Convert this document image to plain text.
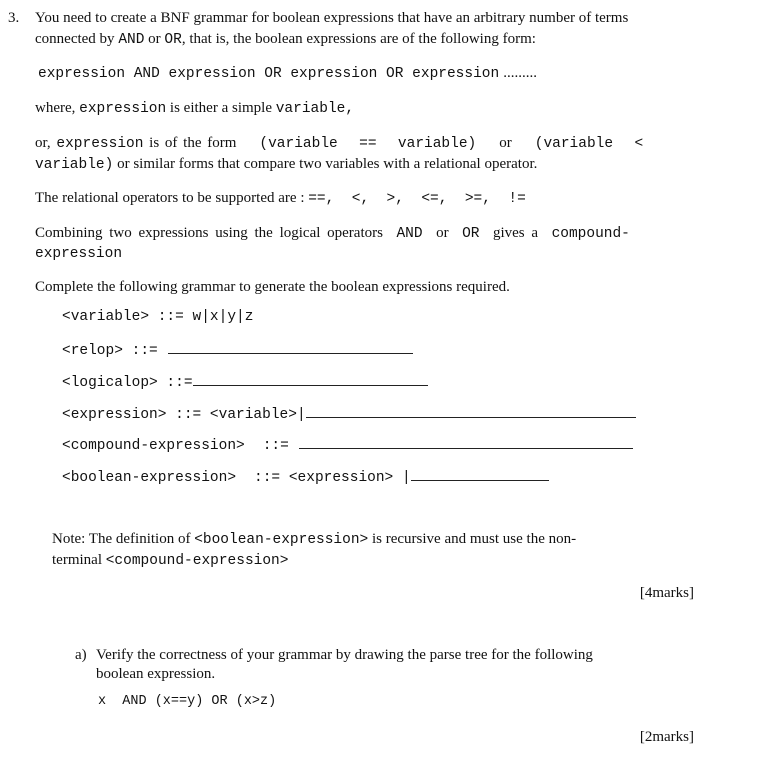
3. You need to create a BNF grammar for boolean expressions that have an arbitrary number of terms
connected by AND or OR, that is, the boolean expressions are of the following form:
expression AND expression OR expression OR expression .........
where, expression is either a simple variable,
or, expression is of the form (variable  ==  variable) or (variable  <
variable) or similar forms that compare two variables with a relational operator.
The relational operators to be supported are : ==,  <,  >,  <=,  >=,  !=
Combining two expressions using the logical operators AND or OR gives a compound-
expression
Complete the following grammar to generate the boolean expressions required.
<variable> ::= w|x|y|z
<relop> ::=
<logicalop> ::=
<expression> ::= <variable>|
<compound-expression> ::=
<boolean-expression> ::= <expression> |
Note: The definition of <boolean-expression> is recursive and must use the non-
terminal <compound-expression>
[4marks]
a) Verify the correctness of your grammar by drawing the parse tree for the following
boolean expression.
x  AND (x==y) OR (x>z)
[2marks]
